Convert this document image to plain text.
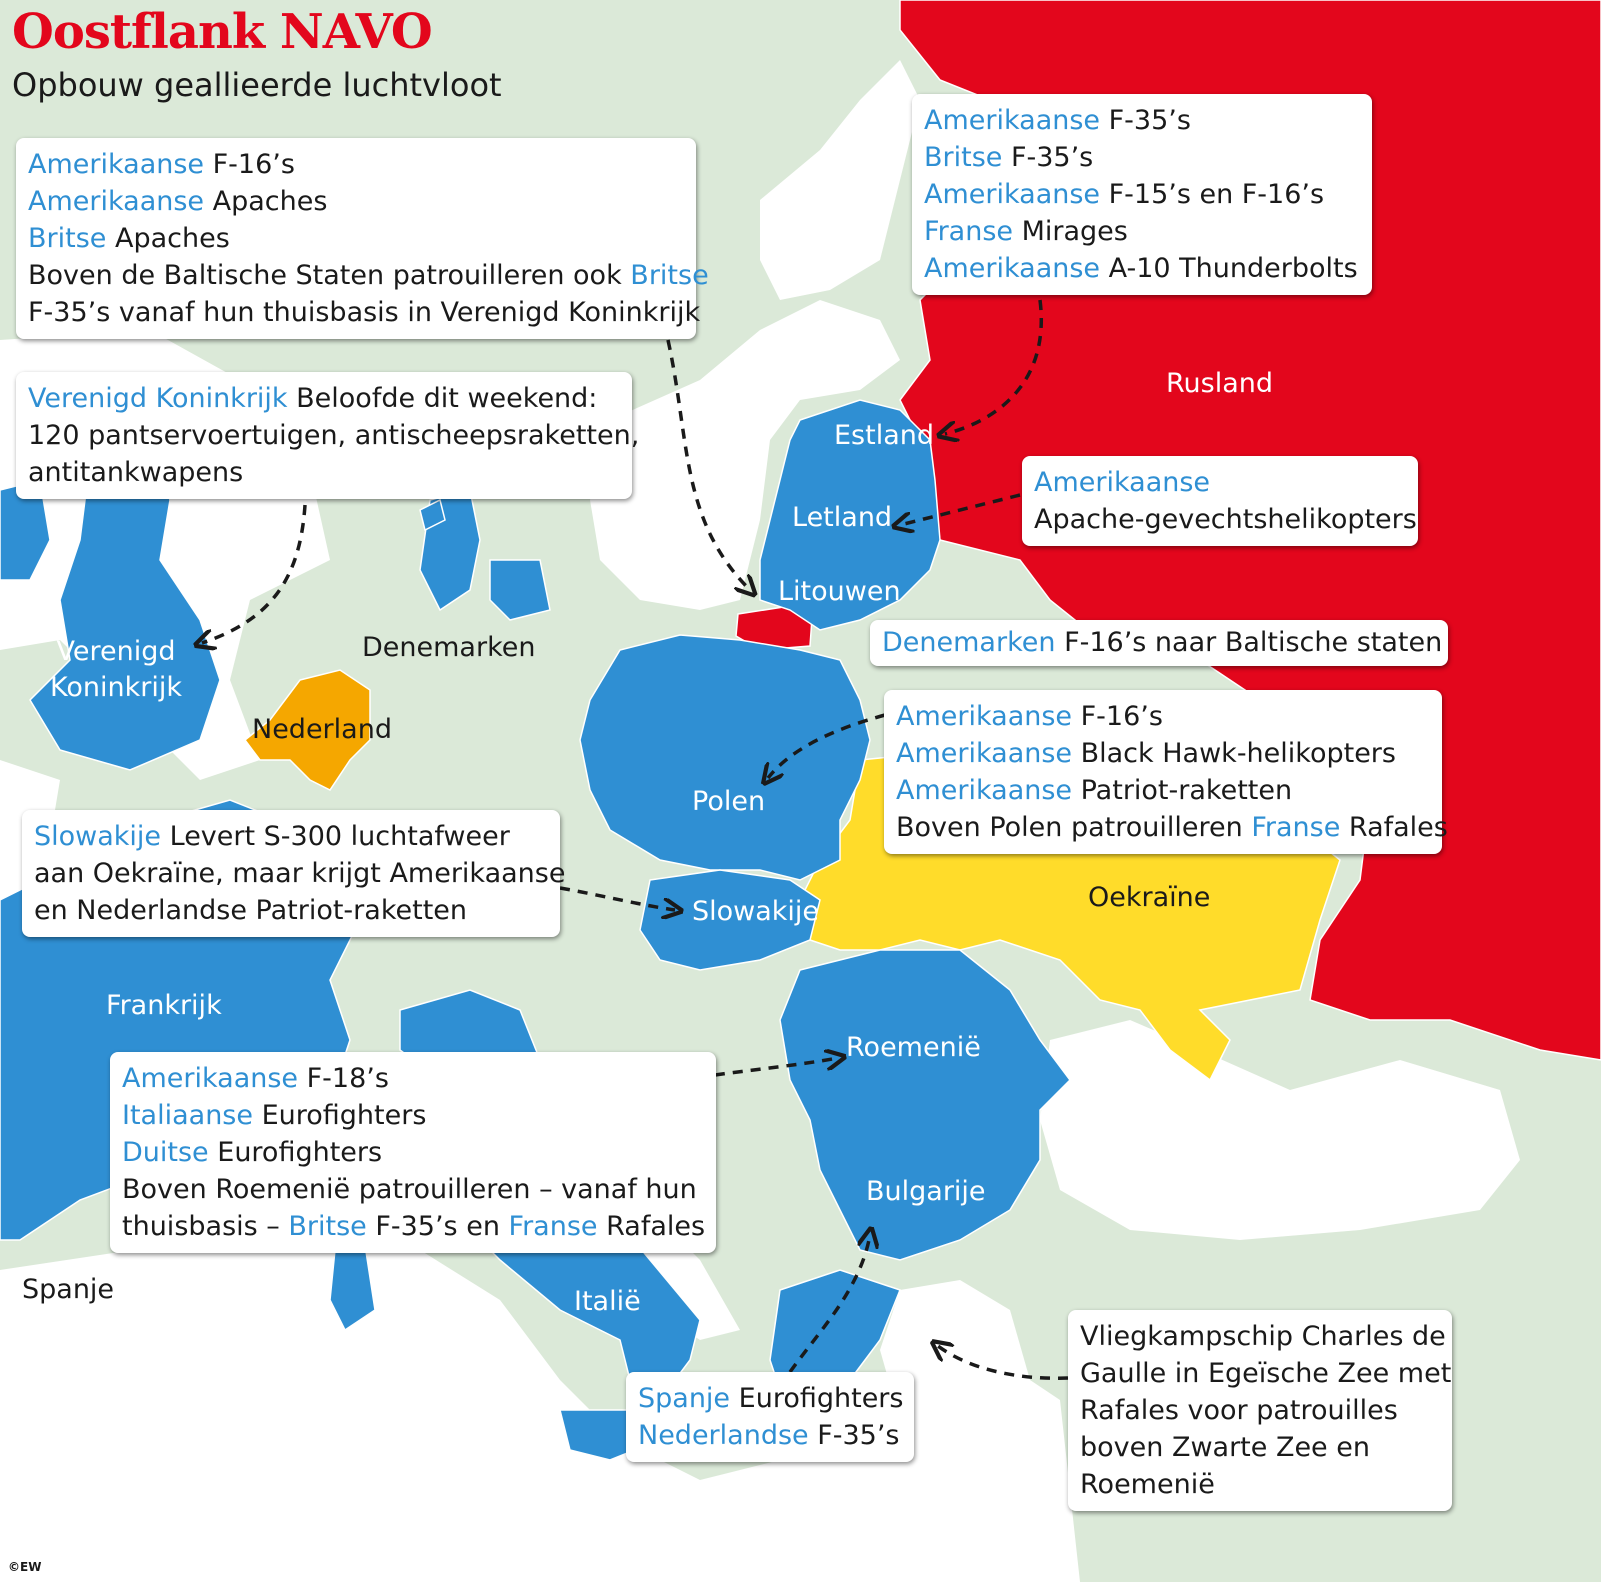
Oostflank NAVO

Opbouw geallieerde luchtvloot

Estland
Letland
Litouwen
Rusland
Denemarken
Verenigd
Koninkrijk
Nederland
Polen
Slowakije	Oekraïne
Frankrijk
Roemenië
Bulgarije
Spanje	Italië
Amerikaanse F-16’s
Amerikaanse Apaches
Britse Apaches
Boven de Baltische Staten patrouilleren ook Britse
F-35’s vanaf hun thuisbasis in Verenigd Koninkrijk
Verenigd Koninkrijk Beloofde dit weekend:
120 pantservoertuigen, antischeepsraketten,
antitankwapens
Amerikaanse F-35’s
Britse F-35’s
Amerikaanse F-15’s en F-16’s
Franse Mirages
Amerikaanse A-10 Thunderbolts
Amerikaanse
Apache-gevechtshelikopters
Denemarken F-16’s naar Baltische staten
Amerikaanse F-16’s
Amerikaanse Black Hawk-helikopters
Amerikaanse Patriot-raketten
Boven Polen patrouilleren Franse Rafales
Slowakije Levert S-300 luchtafweer
aan Oekraïne, maar krijgt Amerikaanse
en Nederlandse Patriot-raketten
Amerikaanse F-18’s
Italiaanse Eurofighters
Duitse Eurofighters
Boven Roemenië patrouilleren – vanaf hun
thuisbasis – Britse F-35’s en Franse Rafales
Spanje Eurofighters
Nederlandse F-35’s
Vliegkampschip Charles de
Gaulle in Egeïsche Zee met
Rafales voor patrouilles
boven Zwarte Zee en
Roemenië
©EW
